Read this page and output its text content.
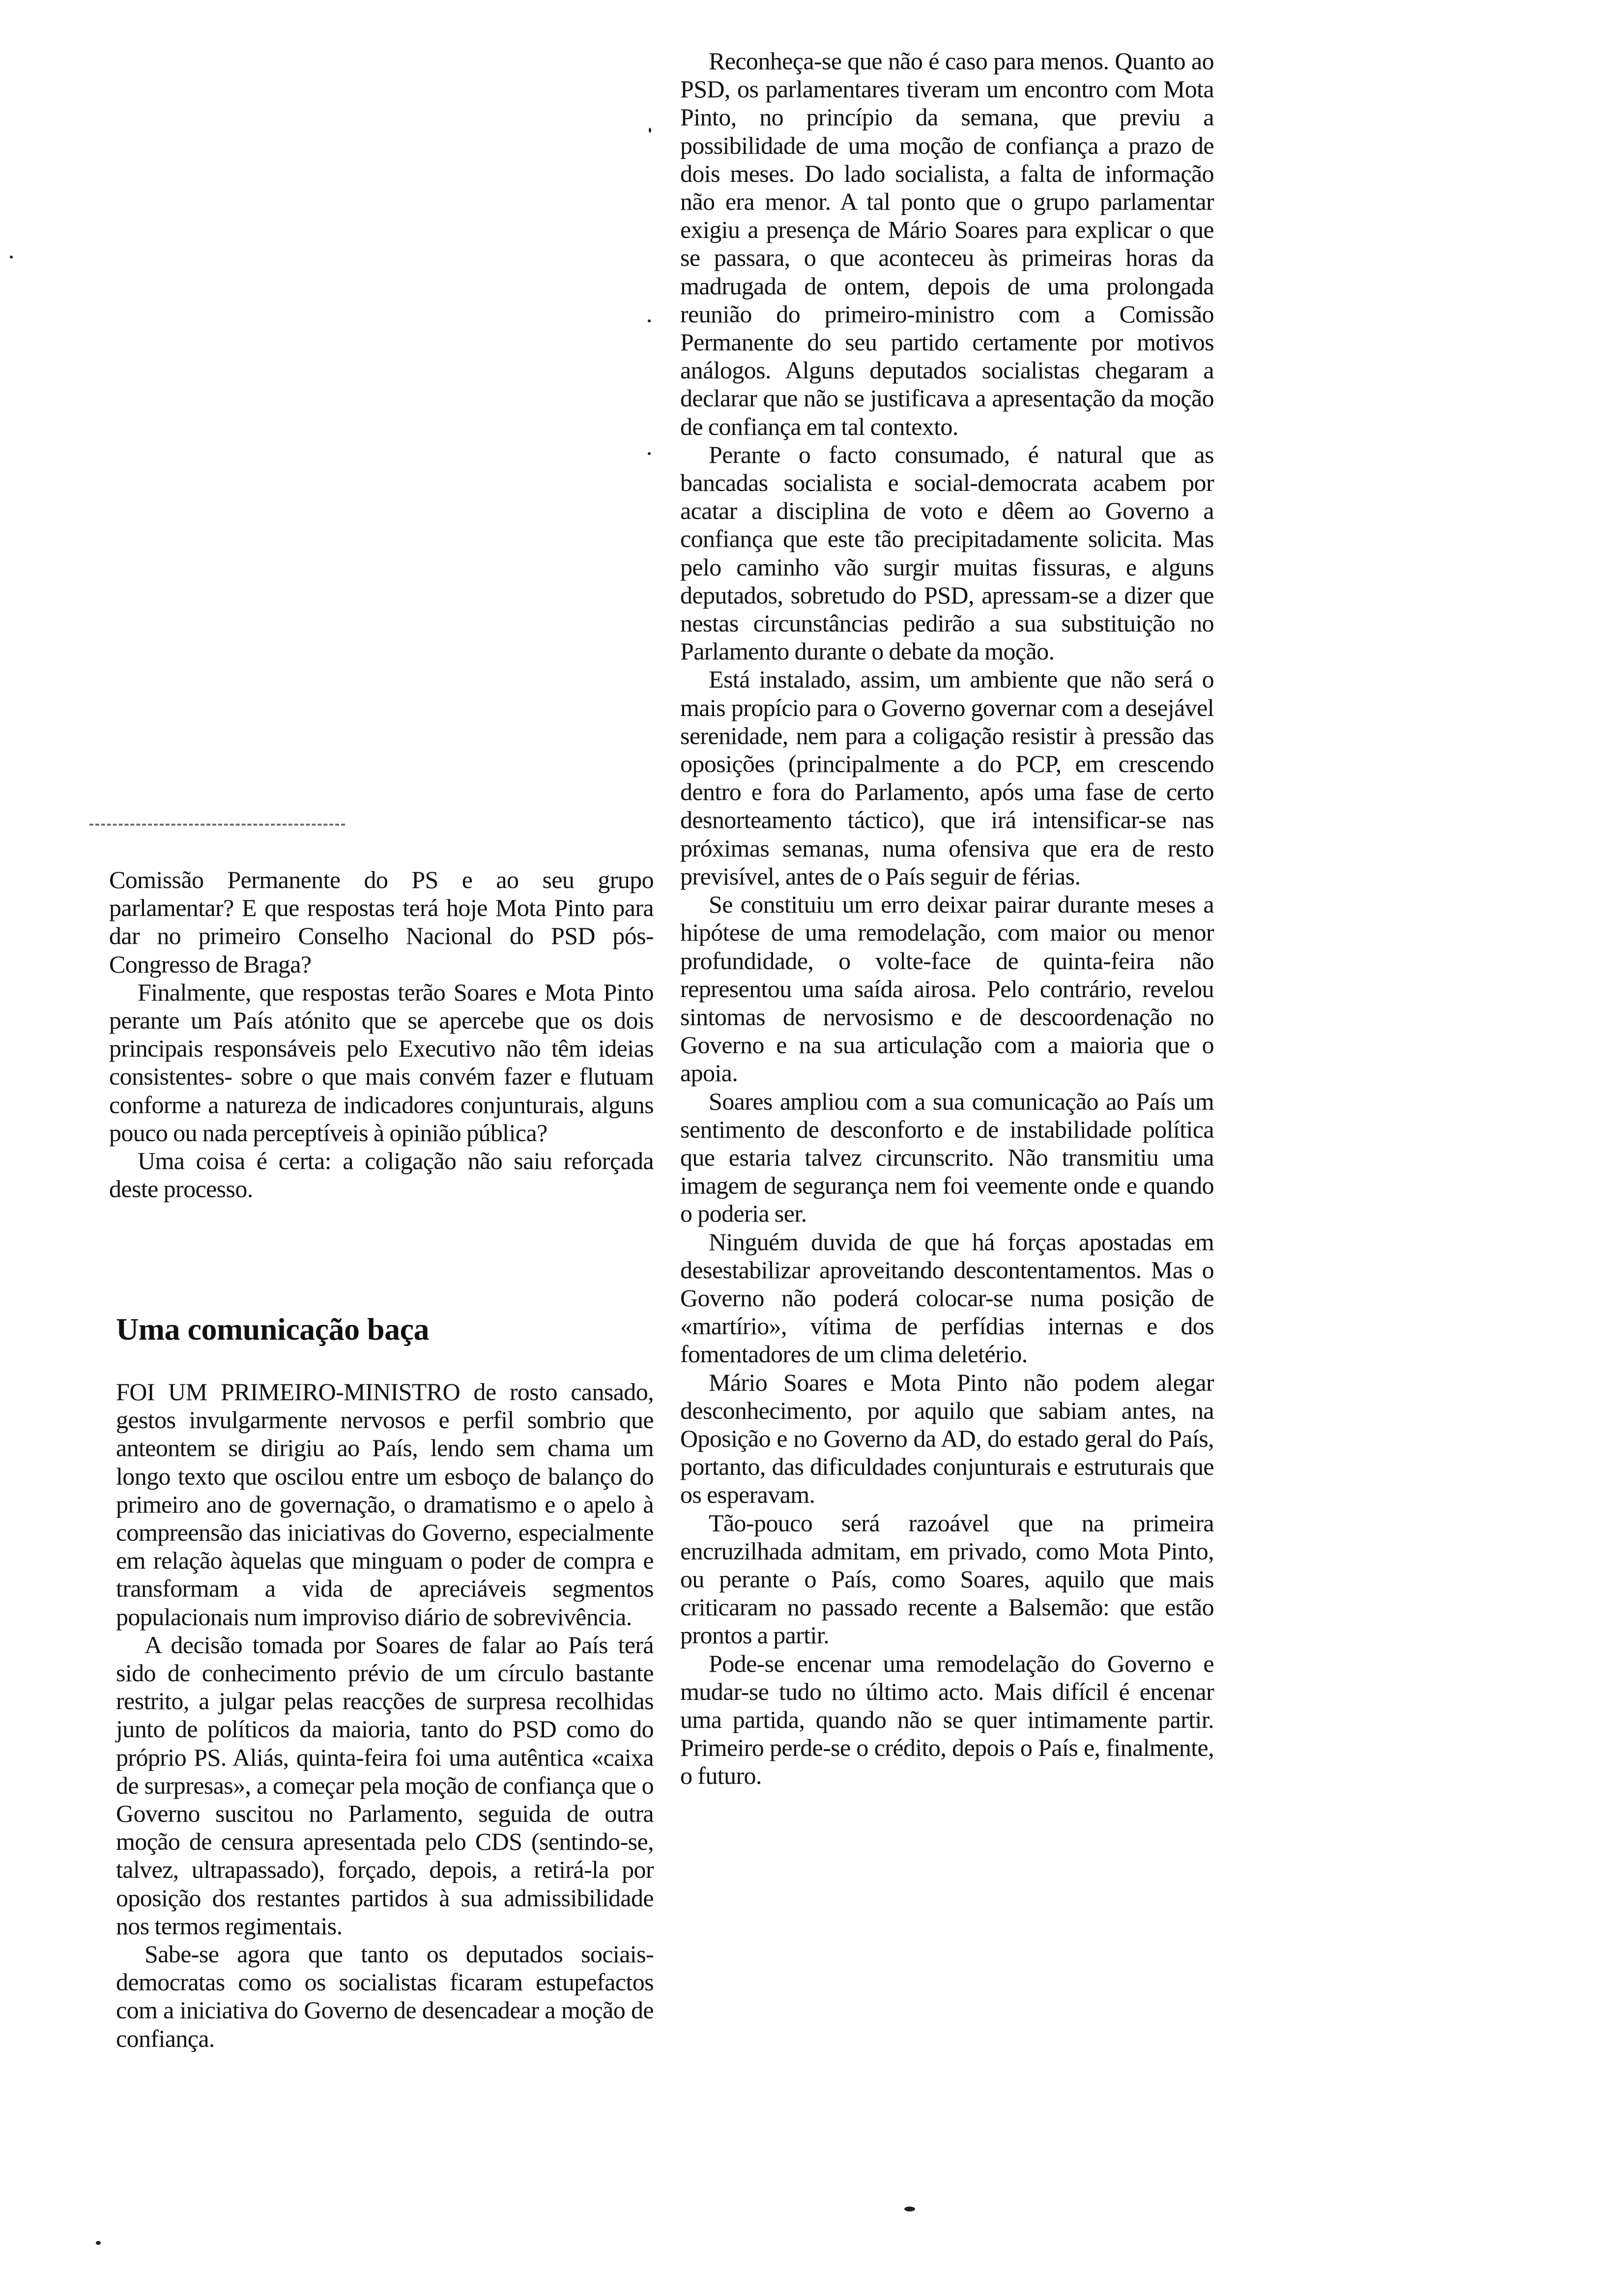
Comissão Permanente do PS e ao seu grupo parlamentar? E que respostas terá hoje Mota Pinto para dar no primeiro Conselho Nacional do PSD pós-Congresso de Braga?

Finalmente, que respostas terão Soares e Mota Pinto perante um País atónito que se apercebe que os dois principais responsáveis pelo Executivo não têm ideias consistentes- sobre o que mais convém fazer e flutuam conforme a natureza de indicadores conjunturais, alguns pouco ou nada perceptíveis à opinião pública?

Uma coisa é certa: a coligação não saiu reforçada deste processo.

Uma comunicação baça

FOI UM PRIMEIRO-MINISTRO de rosto cansado, gestos invulgarmente nervosos e perfil sombrio que anteontem se dirigiu ao País, lendo sem chama um longo texto que oscilou entre um esboço de balanço do primeiro ano de governação, o dramatismo e o apelo à compreensão das iniciativas do Governo, especialmente em relação àquelas que minguam o poder de compra e transformam a vida de apreciáveis segmentos populacionais num improviso diário de sobrevivência.

A decisão tomada por Soares de falar ao País terá sido de conhecimento prévio de um círculo bastante restrito, a julgar pelas reacções de surpresa recolhidas junto de políticos da maioria, tanto do PSD como do próprio PS. Aliás, quinta-feira foi uma autêntica «caixa de surpresas», a começar pela moção de confiança que o Governo suscitou no Parlamento, seguida de outra moção de censura apresentada pelo CDS (sentindo-se, talvez, ultrapassado), forçado, depois, a retirá-la por oposição dos restantes partidos à sua admissibilidade nos termos regimentais.

Sabe-se agora que tanto os deputados sociais-democratas como os socialistas ficaram estupefactos com a iniciativa do Governo de desencadear a moção de confiança.

Reconheça-se que não é caso para menos. Quanto ao PSD, os parlamentares tiveram um encontro com Mota Pinto, no princípio da semana, que previu a possibilidade de uma moção de confiança a prazo de dois meses. Do lado socialista, a falta de informação não era menor. A tal ponto que o grupo parlamentar exigiu a presença de Mário Soares para explicar o que se passara, o que aconteceu às primeiras horas da madrugada de ontem, depois de uma prolongada reunião do primeiro-ministro com a Comissão Permanente do seu partido certamente por motivos análogos. Alguns deputados socialistas chegaram a declarar que não se justificava a apresentação da moção de confiança em tal contexto.

Perante o facto consumado, é natural que as bancadas socialista e social-democrata acabem por acatar a disciplina de voto e dêem ao Governo a confiança que este tão precipitadamente solicita. Mas pelo caminho vão surgir muitas fissuras, e alguns deputados, sobretudo do PSD, apressam-se a dizer que nestas circunstâncias pedirão a sua substituição no Parlamento durante o debate da moção.

Está instalado, assim, um ambiente que não será o mais propício para o Governo governar com a desejável serenidade, nem para a coligação resistir à pressão das oposições (principalmente a do PCP, em crescendo dentro e fora do Parlamento, após uma fase de certo desnorteamento táctico), que irá intensificar-se nas próximas semanas, numa ofensiva que era de resto previsível, antes de o País seguir de férias.

Se constituiu um erro deixar pairar durante meses a hipótese de uma remodelação, com maior ou menor profundidade, o volte-face de quinta-feira não representou uma saída airosa. Pelo contrário, revelou sintomas de nervosismo e de descoordenação no Governo e na sua articulação com a maioria que o apoia.

Soares ampliou com a sua comunicação ao País um sentimento de desconforto e de instabilidade política que estaria talvez circunscrito. Não transmitiu uma imagem de segurança nem foi veemente onde e quando o poderia ser.

Ninguém duvida de que há forças apostadas em desestabilizar aproveitando descontentamentos. Mas o Governo não poderá colocar-se numa posição de «martírio», vítima de perfídias internas e dos fomentadores de um clima deletério.

Mário Soares e Mota Pinto não podem alegar desconhecimento, por aquilo que sabiam antes, na Oposição e no Governo da AD, do estado geral do País, portanto, das dificuldades conjunturais e estruturais que os esperavam.

Tão-pouco será razoável que na primeira encruzilhada admitam, em privado, como Mota Pinto, ou perante o País, como Soares, aquilo que mais criticaram no passado recente a Balsemão: que estão prontos a partir.

Pode-se encenar uma remodelação do Governo e mudar-se tudo no último acto. Mais difícil é encenar uma partida, quando não se quer intimamente partir. Primeiro perde-se o crédito, depois o País e, finalmente, o futuro.
